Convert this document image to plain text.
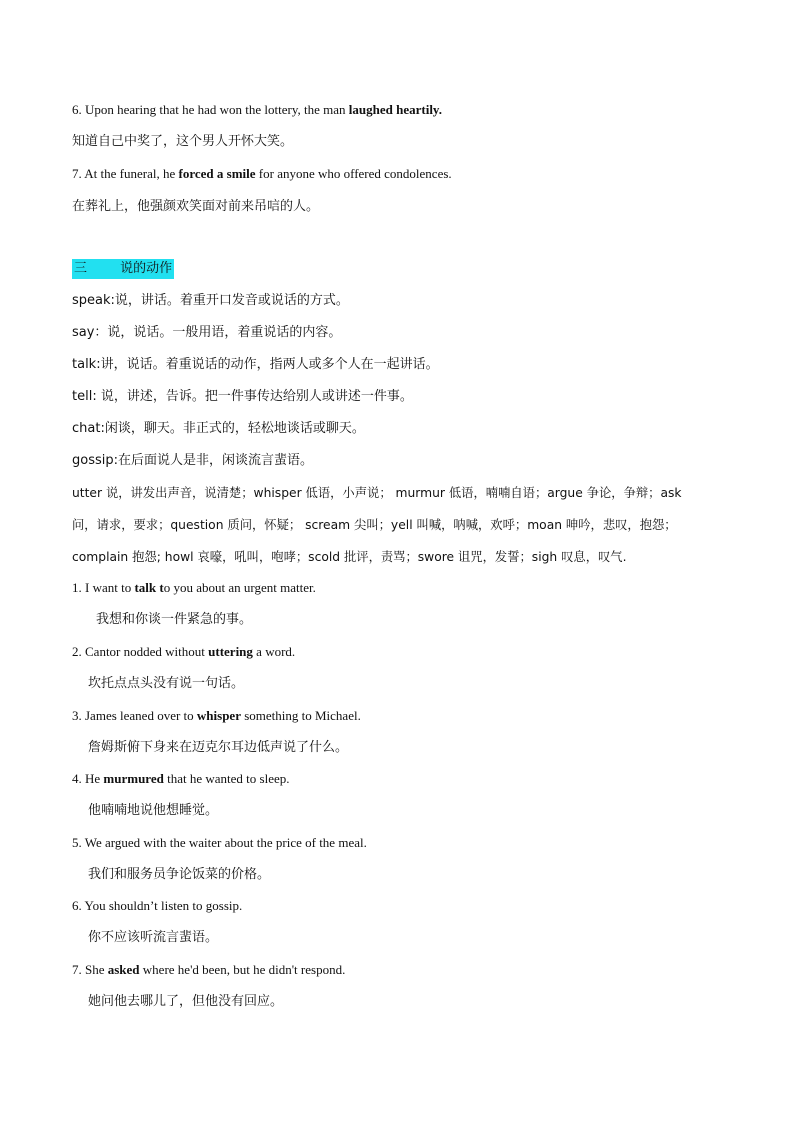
6. Upon hearing that he had won the lottery, the man laughed heartily.
知道自己中奖了，这个男人开怀大笑。
7. At the funeral, he forced a smile for anyone who offered condolences.
在葬礼上，他强颜欢笑面对前来吊唁的人。
三	说的动作
speak:说，讲话。着重开口发音或说话的方式。
say：说，说话。一般用语，着重说话的内容。
talk:讲，说话。着重说话的动作，指两人或多个人在一起讲话。
tell: 说，讲述，告诉。把一件事传达给别人或讲述一件事。
chat:闲谈，聊天。非正式的，轻松地谈话或聊天。
gossip:在后面说人是非，闲谈流言蜚语。
utter 说，讲发出声音，说清楚；whisper 低语，小声说； murmur 低语，喃喃自语；argue 争论，争辩；ask
问，请求，要求；question 质问，怀疑； scream 尖叫；yell 叫喊，呐喊，欢呼；moan 呻吟，悲叹，抱怨；
complain 抱怨; howl 哀嚎，吼叫，咆哮；scold 批评，责骂；swore 诅咒，发誓；sigh 叹息，叹气.
1. I want to talk to you about an urgent matter.
我想和你谈一件紧急的事。
2. Cantor nodded without uttering a word.
坎托点点头没有说一句话。
3. James leaned over to whisper something to Michael.
詹姆斯俯下身来在迈克尔耳边低声说了什么。
4. He murmured that he wanted to sleep.
他喃喃地说他想睡觉。
5. We argued with the waiter about the price of the meal.
我们和服务员争论饭菜的价格。
6. You shouldn’t listen to gossip.
你不应该听流言蜚语。
7. She asked where he'd been, but he didn't respond.
她问他去哪儿了，但他没有回应。
